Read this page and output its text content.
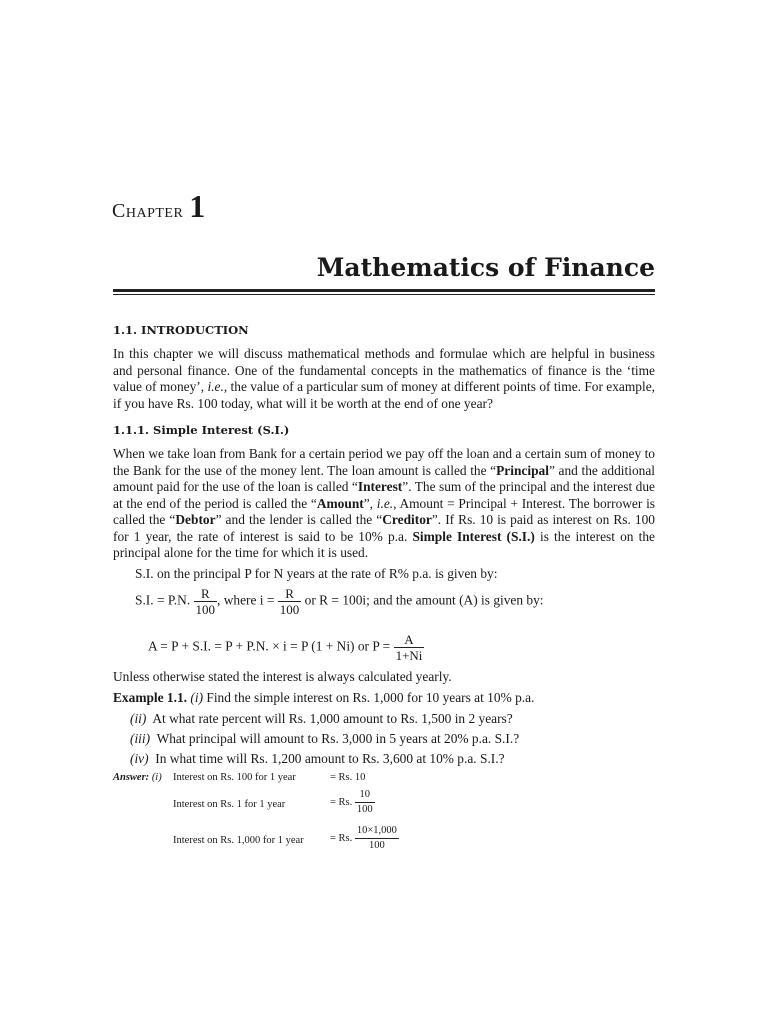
CHAPTER 1
Mathematics of Finance
1.1. INTRODUCTION

In this chapter we will discuss mathematical methods and formulae which are helpful in business and personal finance. One of the fundamental concepts in the mathematics of finance is the ‘time value of money’, i.e., the value of a particular sum of money at different points of time. For example, if you have Rs. 100 today, what will it be worth at the end of one year?

1.1.1. Simple Interest (S.I.)

When we take loan from Bank for a certain period we pay off the loan and a certain sum of money to the Bank for the use of the money lent. The loan amount is called the “Principal” and the additional amount paid for the use of the loan is called “Interest”. The sum of the principal and the interest due at the end of the period is called the “Amount”, i.e., Amount = Principal + Interest. The borrower is called the “Debtor” and the lender is called the “Creditor”. If Rs. 10 is paid as interest on Rs. 100 for 1 year, the rate of interest is said to be 10% p.a. Simple Interest (S.I.) is the interest on the principal alone for the time for which it is used.

S.I. on the principal P for N years at the rate of R% p.a. is given by:
S.I. = P.N. $\frac{R}{100}$ , where $i = \frac{R}{100}$ or R = 100i; and the amount (A) is given by:
A = P + S.I. = P + P.N. × i = P (1 + Ni) or $P = \frac{A}{1+Ni}$
Unless otherwise stated the interest is always calculated yearly.
Example 1.1. (i) Find the simple interest on Rs. 1,000 for 10 years at 10% p.a.
(ii) At what rate percent will Rs. 1,000 amount to Rs. 1,500 in 2 years?
(iii) What principal will amount to Rs. 3,000 in 5 years at 20% p.a. S.I.?
(iv) In what time will Rs. 1,200 amount to Rs. 3,600 at 10% p.a. S.I.?
Answer: (i) Interest on Rs. 100 for 1 year	= Rs. 10
Interest on Rs. 1 for 1 year	= Rs. $\frac{10}{100}$
Interest on Rs. 1,000 for 1 year	= Rs. $\frac{10\times 1,000}{100}$
